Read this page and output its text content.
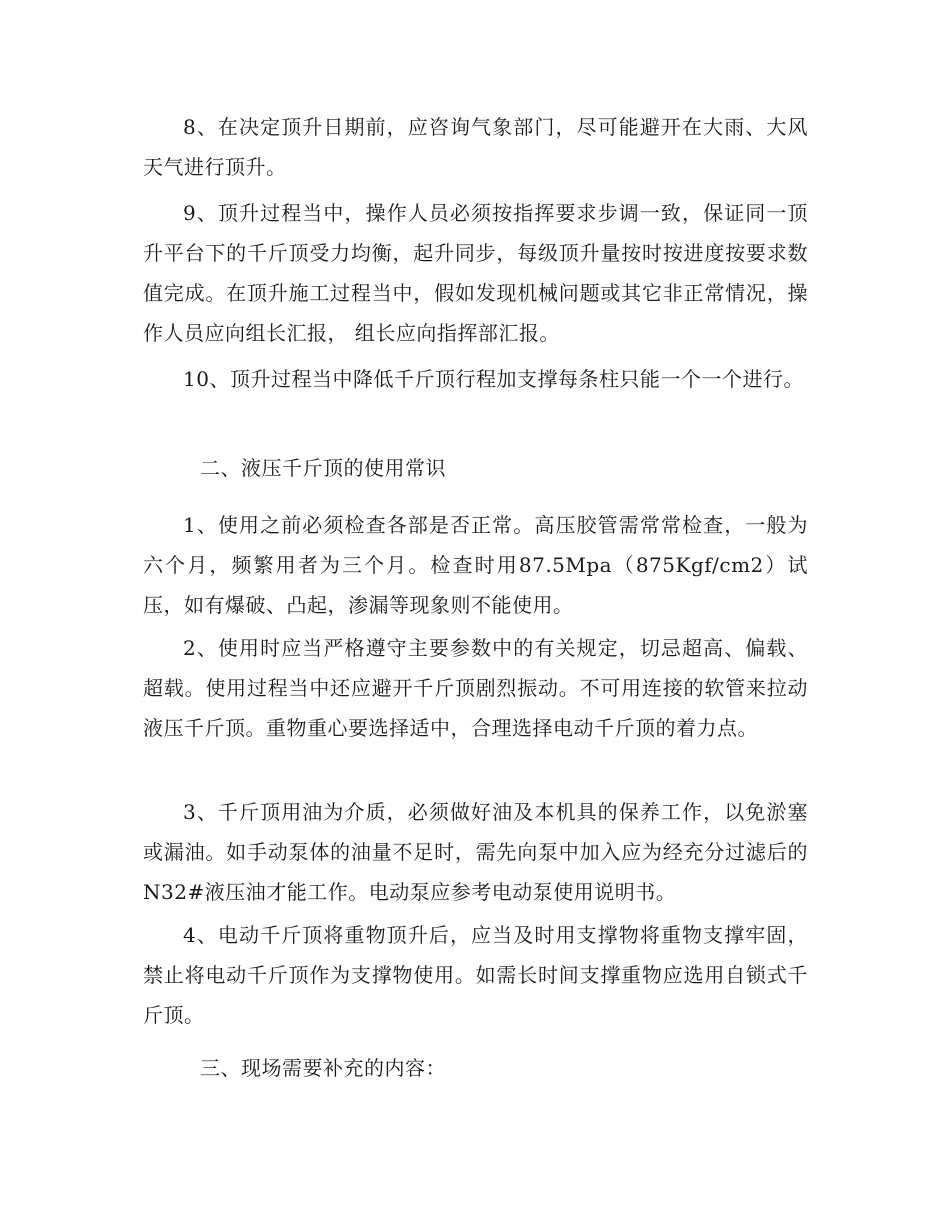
8、在决定顶升日期前，应咨询气象部门，尽可能避开在大雨、大风天气进行顶升。

9、顶升过程当中，操作人员必须按指挥要求步调一致，保证同一顶升平台下的千斤顶受力均衡，起升同步，每级顶升量按时按进度按要求数值完成。在顶升施工过程当中，假如发现机械问题或其它非正常情况，操作人员应向组长汇报， 组长应向指挥部汇报。

10、顶升过程当中降低千斤顶行程加支撑每条柱只能一个一个进行。

二、液压千斤顶的使用常识

1、使用之前必须检查各部是否正常。高压胶管需常常检查，一般为六个月，频繁用者为三个月。检查时用87.5Mpa（875Kgf/cm2）试压，如有爆破、凸起，渗漏等现象则不能使用。

2、使用时应当严格遵守主要参数中的有关规定，切忌超高、偏载、超载。使用过程当中还应避开千斤顶剧烈振动。不可用连接的软管来拉动液压千斤顶。重物重心要选择适中，合理选择电动千斤顶的着力点。

3、千斤顶用油为介质，必须做好油及本机具的保养工作，以免淤塞或漏油。如手动泵体的油量不足时，需先向泵中加入应为经充分过滤后的N32#液压油才能工作。电动泵应参考电动泵使用说明书。

4、电动千斤顶将重物顶升后，应当及时用支撑物将重物支撑牢固，禁止将电动千斤顶作为支撑物使用。如需长时间支撑重物应选用自锁式千斤顶。

三、现场需要补充的内容：
